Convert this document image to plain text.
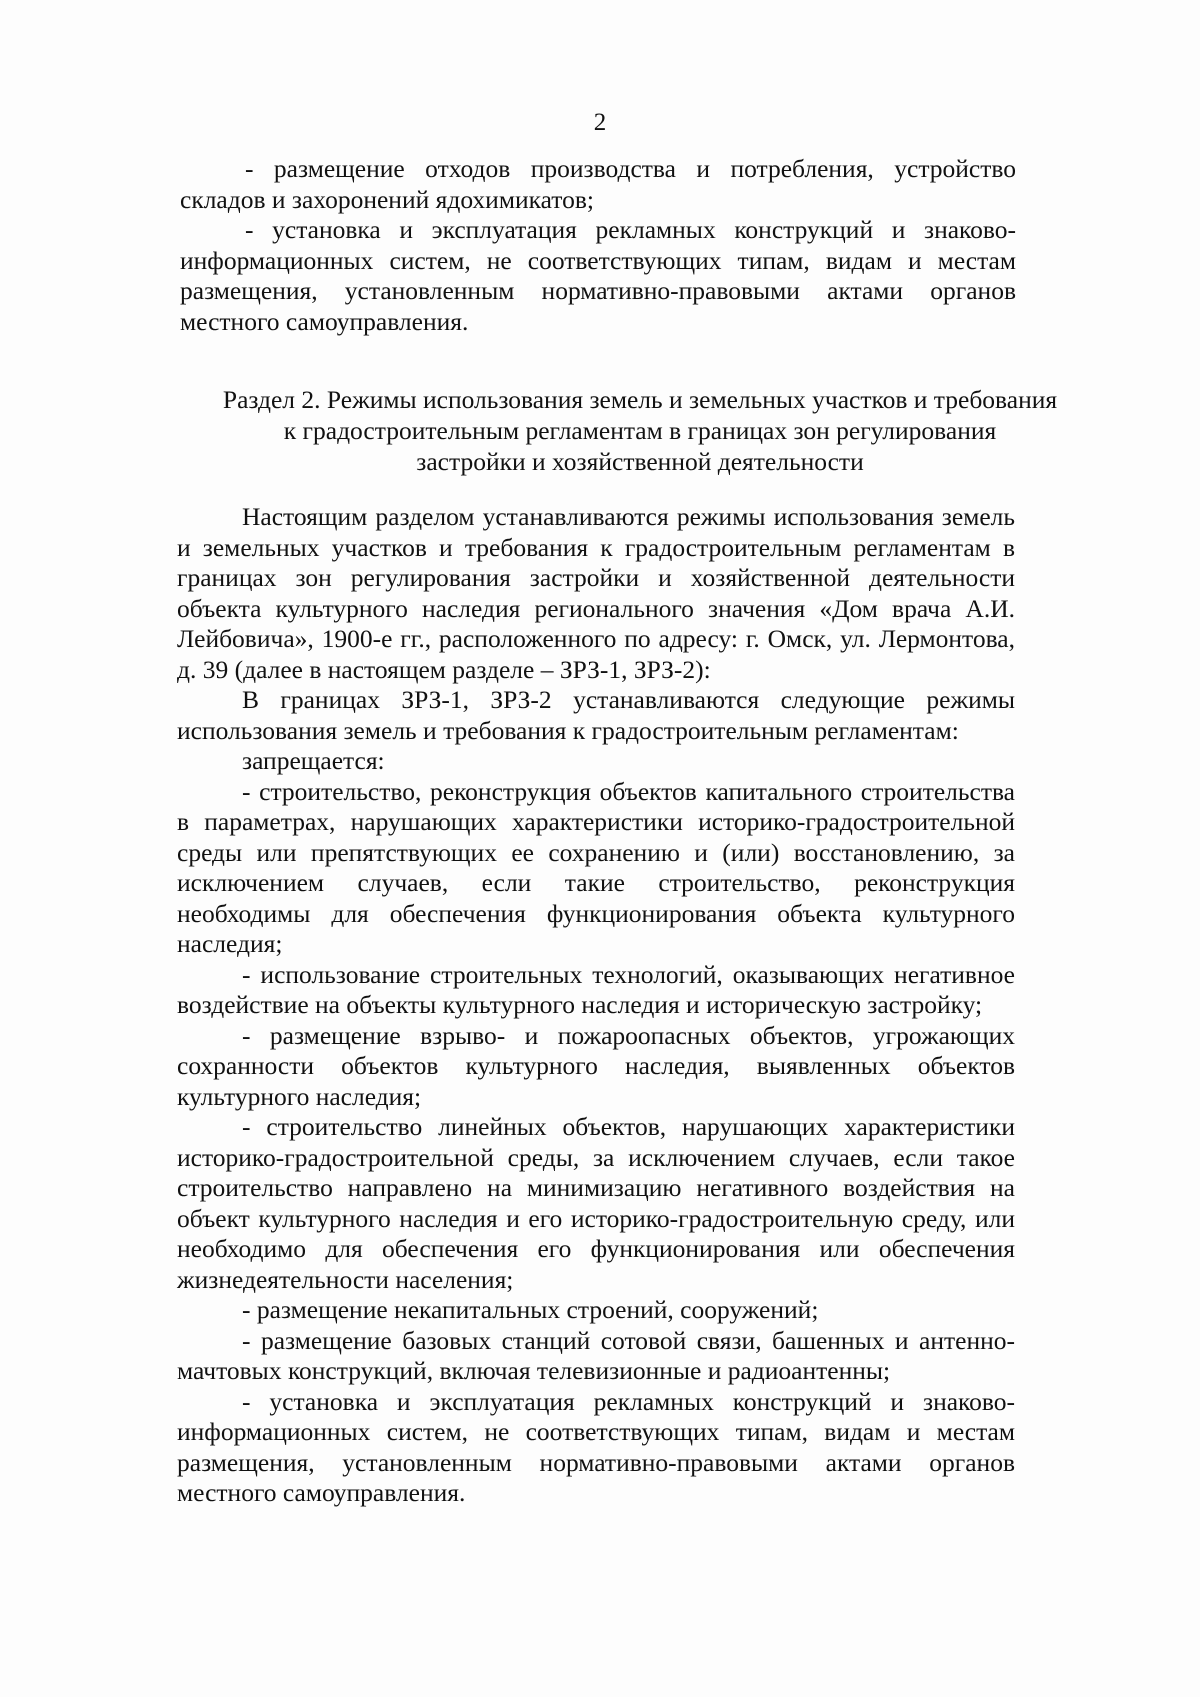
2
- размещение отходов производства и потребления, устройство складов и захоронений ядохимикатов;
- установка и эксплуатация рекламных конструкций и знаково-информационных систем, не соответствующих типам, видам и местам размещения, установленным нормативно-правовыми актами органов местного самоуправления.
Раздел 2. Режимы использования земель и земельных участков и требования
к градостроительным регламентам в границах зон регулирования
застройки и хозяйственной деятельности
Настоящим разделом устанавливаются режимы использования земель и земельных участков и требования к градостроительным регламентам в границах зон регулирования застройки и хозяйственной деятельности объекта культурного наследия регионального значения «Дом врача А.И. Лейбовича», 1900-е гг., расположенного по адресу: г. Омск, ул. Лермонтова, д. 39 (далее в настоящем разделе – ЗРЗ-1, ЗРЗ-2):
В границах ЗРЗ-1, ЗРЗ-2 устанавливаются следующие режимы использования земель и требования к градостроительным регламентам:
запрещается:
- строительство, реконструкция объектов капитального строительства в параметрах, нарушающих характеристики историко-градостроительной среды или препятствующих ее сохранению и (или) восстановлению, за исключением случаев, если такие строительство, реконструкция необходимы для обеспечения функционирования объекта культурного наследия;
- использование строительных технологий, оказывающих негативное воздействие на объекты культурного наследия и историческую застройку;
- размещение взрыво- и пожароопасных объектов, угрожающих сохранности объектов культурного наследия, выявленных объектов культурного наследия;
- строительство линейных объектов, нарушающих характеристики историко-градостроительной среды, за исключением случаев, если такое строительство направлено на минимизацию негативного воздействия на объект культурного наследия и его историко-градостроительную среду, или необходимо для обеспечения его функционирования или обеспечения жизнедеятельности населения;
- размещение некапитальных строений, сооружений;
- размещение базовых станций сотовой связи, башенных и антенно-мачтовых конструкций, включая телевизионные и радиоантенны;
- установка и эксплуатация рекламных конструкций и знаково-информационных систем, не соответствующих типам, видам и местам размещения, установленным нормативно-правовыми актами органов местного самоуправления.
